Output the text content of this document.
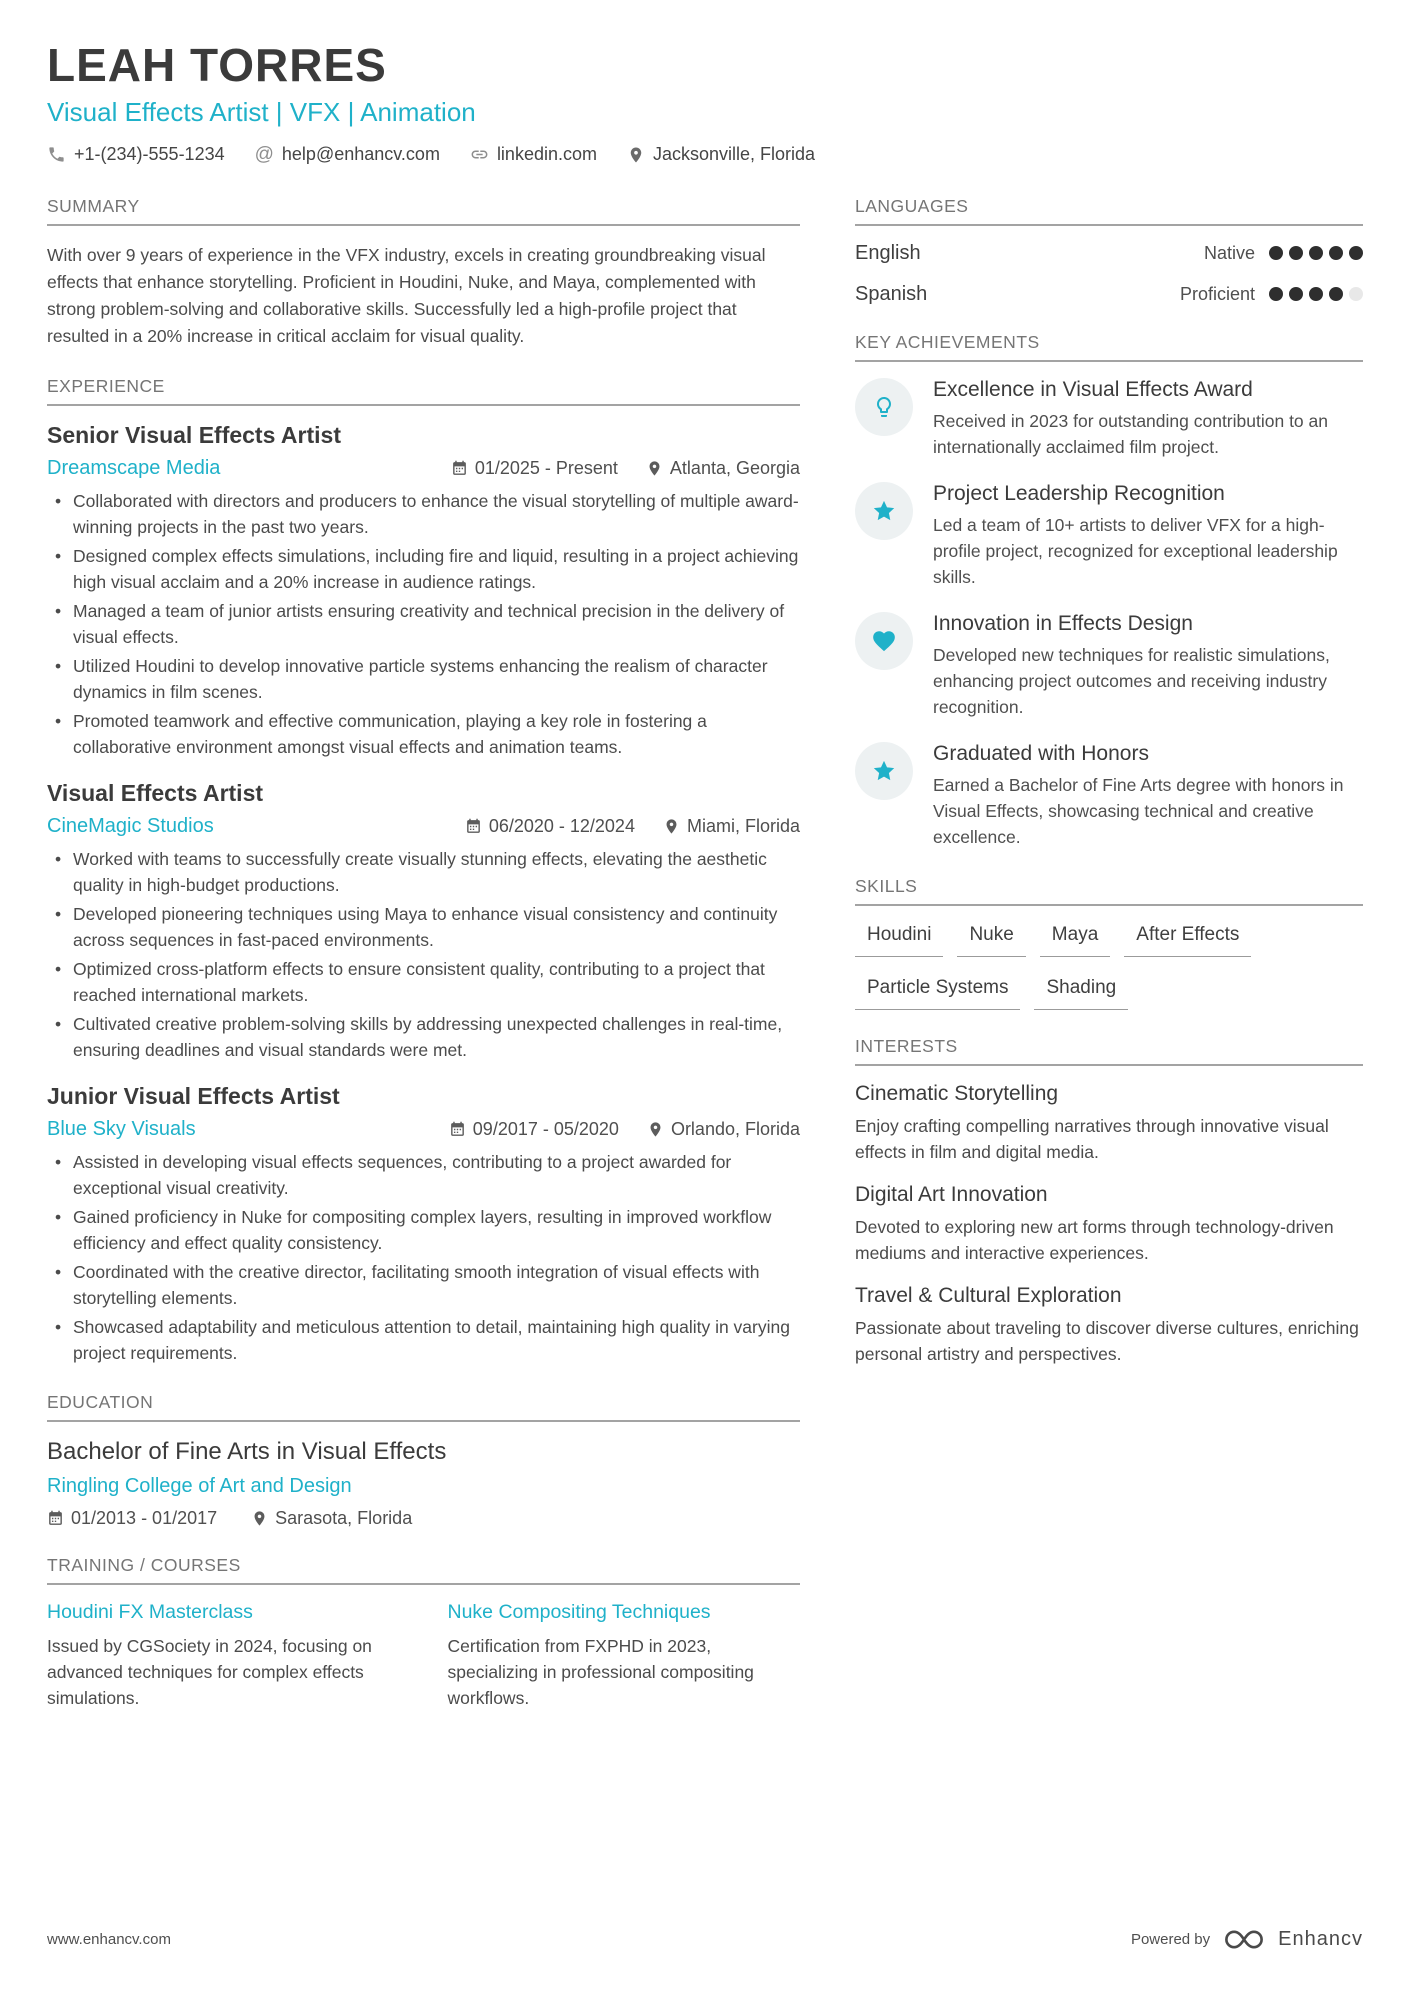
LEAH TORRES
Visual Effects Artist | VFX | Animation
+1-(234)-555-1234 @ help@enhancv.com	linkedin.com	Jacksonville, Florida
SUMMARY

With over 9 years of experience in the VFX industry, excels in creating groundbreaking visual effects that enhance storytelling. Proficient in Houdini, Nuke, and Maya, complemented with strong problem-solving and collaborative skills. Successfully led a high-profile project that resulted in a 20% increase in critical acclaim for visual quality.

EXPERIENCE
Senior Visual Effects Artist
Dreamscape Media	01/2025 - Present	Atlanta, Georgia
• Collaborated with directors and producers to enhance the visual storytelling of multiple award-winning projects in the past two years.
• Designed complex effects simulations, including fire and liquid, resulting in a project achieving high visual acclaim and a 20% increase in audience ratings.
• Managed a team of junior artists ensuring creativity and technical precision in the delivery of visual effects.
• Utilized Houdini to develop innovative particle systems enhancing the realism of character dynamics in film scenes.
• Promoted teamwork and effective communication, playing a key role in fostering a collaborative environment amongst visual effects and animation teams.
Visual Effects Artist
CineMagic Studios	06/2020 - 12/2024	Miami, Florida
• Worked with teams to successfully create visually stunning effects, elevating the aesthetic quality in high-budget productions.
• Developed pioneering techniques using Maya to enhance visual consistency and continuity across sequences in fast-paced environments.
• Optimized cross-platform effects to ensure consistent quality, contributing to a project that reached international markets.
• Cultivated creative problem-solving skills by addressing unexpected challenges in real-time, ensuring deadlines and visual standards were met.
Junior Visual Effects Artist
Blue Sky Visuals	09/2017 - 05/2020	Orlando, Florida
• Assisted in developing visual effects sequences, contributing to a project awarded for exceptional visual creativity.
• Gained proficiency in Nuke for compositing complex layers, resulting in improved workflow efficiency and effect quality consistency.
• Coordinated with the creative director, facilitating smooth integration of visual effects with storytelling elements.
• Showcased adaptability and meticulous attention to detail, maintaining high quality in varying project requirements.
EDUCATION
Bachelor of Fine Arts in Visual Effects
Ringling College of Art and Design
01/2013 - 01/2017	Sarasota, Florida
TRAINING / COURSES
Houdini FX Masterclass
Issued by CGSociety in 2024, focusing on advanced techniques for complex effects simulations.
Nuke Compositing Techniques
Certification from FXPHD in 2023, specializing in professional compositing workflows.
LANGUAGES
English	Native
Spanish	Proficient
KEY ACHIEVEMENTS
Excellence in Visual Effects Award
Received in 2023 for outstanding contribution to an internationally acclaimed film project.
Project Leadership Recognition
Led a team of 10+ artists to deliver VFX for a high-profile project, recognized for exceptional leadership skills.
Innovation in Effects Design
Developed new techniques for realistic simulations, enhancing project outcomes and receiving industry recognition.
Graduated with Honors
Earned a Bachelor of Fine Arts degree with honors in Visual Effects, showcasing technical and creative excellence.
SKILLS
Houdini	Nuke	Maya	After Effects
Particle Systems	Shading
INTERESTS
Cinematic Storytelling
Enjoy crafting compelling narratives through innovative visual effects in film and digital media.
Digital Art Innovation
Devoted to exploring new art forms through technology-driven mediums and interactive experiences.
Travel & Cultural Exploration
Passionate about traveling to discover diverse cultures, enriching personal artistry and perspectives.
www.enhancv.com	Powered by	Enhancv
